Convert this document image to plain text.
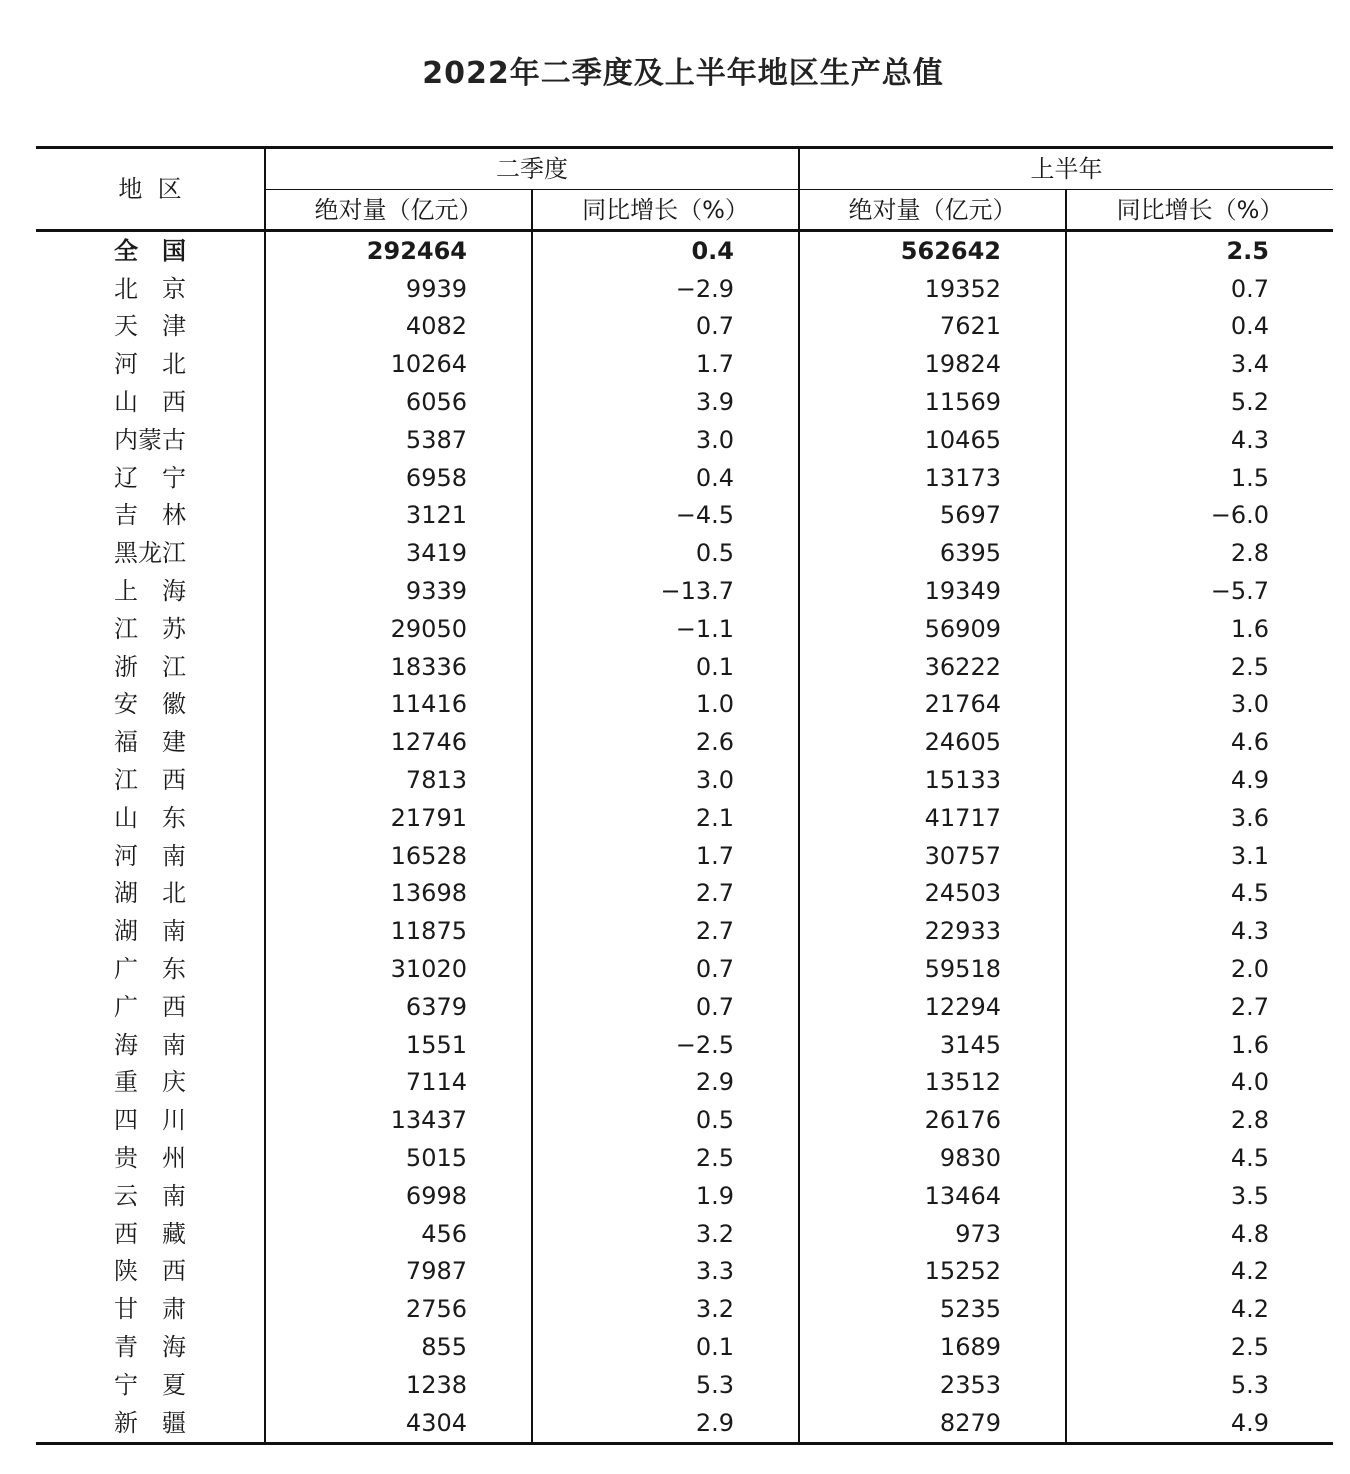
2022年二季度及上半年地区生产总值
地  区	二季度		上半年	
	绝对量（亿元）	同比增长（%）	绝对量（亿元）	同比增长（%）
全　国	292464	0.4	562642	2.5
北　京	9939	−2.9	19352	0.7
天　津	4082	0.7	7621	0.4
河　北	10264	1.7	19824	3.4
山　西	6056	3.9	11569	5.2
内蒙古	5387	3.0	10465	4.3
辽　宁	6958	0.4	13173	1.5
吉　林	3121	−4.5	5697	−6.0
黑龙江	3419	0.5	6395	2.8
上　海	9339	−13.7	19349	−5.7
江　苏	29050	−1.1	56909	1.6
浙　江	18336	0.1	36222	2.5
安　徽	11416	1.0	21764	3.0
福　建	12746	2.6	24605	4.6
江　西	7813	3.0	15133	4.9
山　东	21791	2.1	41717	3.6
河　南	16528	1.7	30757	3.1
湖　北	13698	2.7	24503	4.5
湖　南	11875	2.7	22933	4.3
广　东	31020	0.7	59518	2.0
广　西	6379	0.7	12294	2.7
海　南	1551	−2.5	3145	1.6
重　庆	7114	2.9	13512	4.0
四　川	13437	0.5	26176	2.8
贵　州	5015	2.5	9830	4.5
云　南	6998	1.9	13464	3.5
西　藏	456	3.2	973	4.8
陕　西	7987	3.3	15252	4.2
甘　肃	2756	3.2	5235	4.2
青　海	855	0.1	1689	2.5
宁　夏	1238	5.3	2353	5.3
新　疆	4304	2.9	8279	4.9
